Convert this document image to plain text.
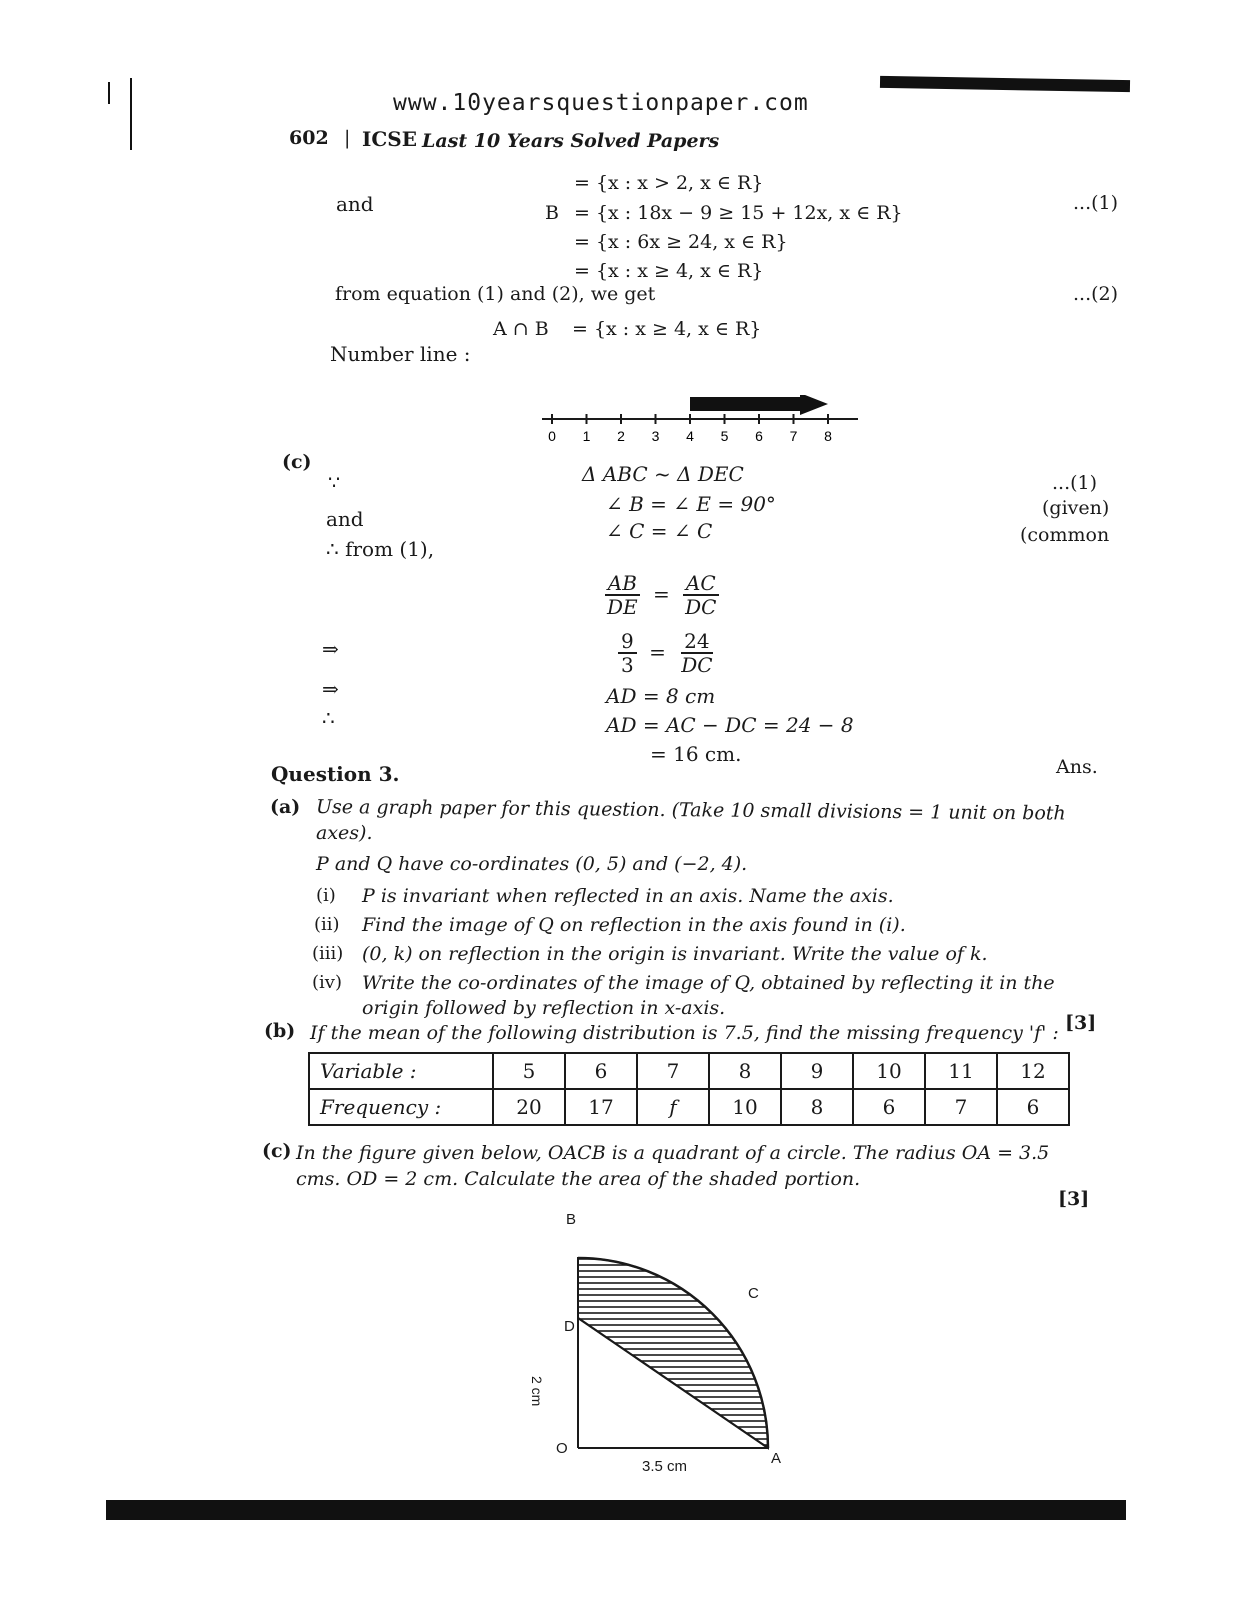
www.10yearsquestionpaper.com
602 | ICSE Last 10 Years Solved Papers
= {x : x > 2, x ∈ R}
and	B = {x : 18x − 9 ≥ 15 + 12x, x ∈ R}	...(1)
= {x : 6x ≥ 24, x ∈ R}
= {x : x ≥ 4, x ∈ R}
from equation (1) and (2), we get	...(2)
A ∩ B = {x : x ≥ 4, x ∈ R}
Number line :
0 1 2 3 4 5 6 7 8
(c)
∵
and
∴ from (1),
Δ ABC ~ Δ DEC
∠ B = ∠ E = 90°
∠ C = ∠ C
...(1)
(given)
(common
$\frac{AB}{DE} = \frac{AC}{DC}$
⇒	$\frac{9}{3} = \frac{24}{DC}$
⇒
∴
AD = 8 cm
AD = AC − DC = 24 − 8
= 16 cm.
Ans.
Question 3.
(a) Use a graph paper for this question. (Take 10 small divisions = 1 unit on both
axes).
P and Q have co-ordinates (0, 5) and (−2, 4).
(i) P is invariant when reflected in an axis. Name the axis.
(ii) Find the image of Q on reflection in the axis found in (i).
(iii) (0, k) on reflection in the origin is invariant. Write the value of k.
(iv) Write the co-ordinates of the image of Q, obtained by reflecting it in the
origin followed by reflection in x-axis.
[3]
(b) If the mean of the following distribution is 7.5, find the missing frequency 'f' :
Variable :	5	6	7	8	9	10	11	12
Frequency :	20	17	f	10	8	6	7	6
(c) In the figure given below, OACB is a quadrant of a circle. The radius OA = 3.5
cms. OD = 2 cm. Calculate the area of the shaded portion.
[3]
B
C
D
O
A
2 cm
3.5 cm
